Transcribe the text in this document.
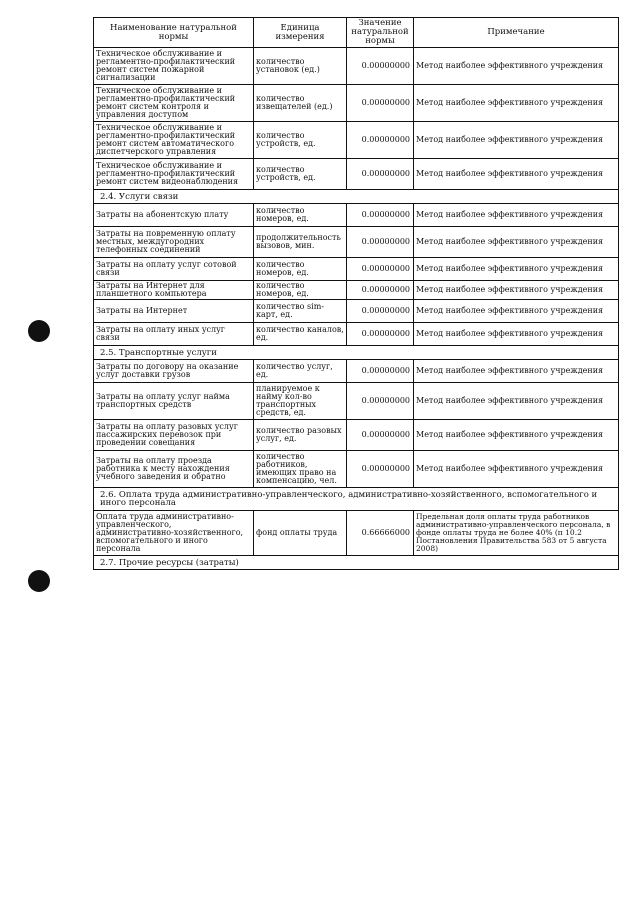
Наименование натуральной нормы	Единица измерения	Значение натуральной нормы	Примечание
Техническое обслуживание и регламентно-профилактический ремонт систем пожарной сигнализации	количество установок (ед.)	0.00000000	Метод наиболее эффективного учреждения
Техническое обслуживание и регламентно-профилактический ремонт систем контроля и управления доступом	количество извещателей (ед.)	0.00000000	Метод наиболее эффективного учреждения
Техническое обслуживание и регламентно-профилактический ремонт систем автоматического диспетчерского управления	количество устройств, ед.	0.00000000	Метод наиболее эффективного учреждения
Техническое обслуживание и регламентно-профилактический ремонт систем видеонаблюдения	количество устройств, ед.	0.00000000	Метод наиболее эффективного учреждения
2.4. Услуги связи			
Затраты на абонентскую плату	количество номеров, ед.	0.00000000	Метод наиболее эффективного учреждения
Затраты на повременную оплату местных, междугородних телефонных соединений	продолжительность вызовов, мин.	0.00000000	Метод наиболее эффективного учреждения
Затраты на оплату услуг сотовой связи	количество номеров, ед.	0.00000000	Метод наиболее эффективного учреждения
Затраты на Интернет для планшетного компьютера	количество номеров, ед.	0.00000000	Метод наиболее эффективного учреждения
Затраты на Интернет	количество sim-карт, ед.	0.00000000	Метод наиболее эффективного учреждения
Затраты на оплату иных услуг связи	количество каналов, ед.	0.00000000	Метод наиболее эффективного учреждения
2.5. Транспортные услуги			
Затраты по договору на оказание услуг доставки грузов	количество услуг, ед.	0.00000000	Метод наиболее эффективного учреждения
Затраты на оплату услуг найма транспортных средств	планируемое к найму кол-во транспортных средств, ед.	0.00000000	Метод наиболее эффективного учреждения
Затраты на оплату разовых услуг пассажирских перевозок при проведении совещания	количество разовых услуг, ед.	0.00000000	Метод наиболее эффективного учреждения
Затраты на оплату проезда работника к месту нахождения учебного заведения и обратно	количество работников, имеющих право на компенсацию, чел.	0.00000000	Метод наиболее эффективного учреждения
2.6. Оплата труда административно-управленческого, административно-хозяйственного, вспомогательного и иного персонала			
Оплата труда административно-управленческого, административно-хозяйственного, вспомогательного и иного персонала	фонд оплаты труда	0.66666000	Предельная доля оплаты труда работников административно-управленческого персонала, в фонде оплаты труда не более 40% (п 10.2 Постановления Правительства 583 от 5 августа 2008)
2.7. Прочие ресурсы (затраты)			
